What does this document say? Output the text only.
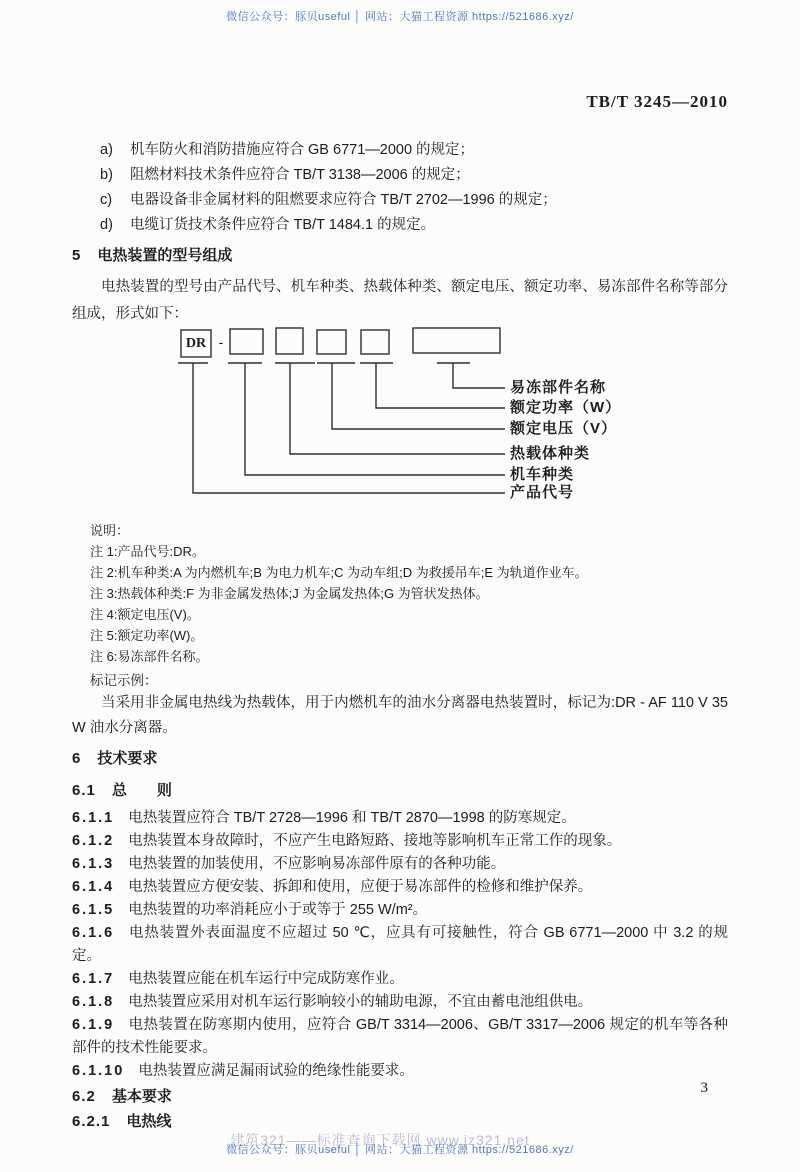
微信公众号：豚贝useful │ 网站：大猫工程资源 https://521686.xyz/

TB/T 3245—2010

a) 机车防火和消防措施应符合 GB 6771—2000 的规定；

b) 阻燃材料技术条件应符合 TB/T 3138—2006 的规定；

c) 电器设备非金属材料的阻燃要求应符合 TB/T 2702—1996 的规定；

d) 电缆订货技术条件应符合 TB/T 1484.1 的规定。

5 电热装置的型号组成

电热装置的型号由产品代号、机车种类、热载体种类、额定电压、额定功率、易冻部件名称等部分组成，形式如下：

DR -
易冻部件名称
额定功率（W）
额定电压（V）
热载体种类
机车种类
产品代号

说明：

注 1:产品代号:DR。

注 2:机车种类:A 为内燃机车;B 为电力机车;C 为动车组;D 为救援吊车;E 为轨道作业车。

注 3:热载体种类:F 为非金属发热体;J 为金属发热体;G 为管状发热体。

注 4:额定电压(V)。

注 5:额定功率(W)。

注 6:易冻部件名称。

标记示例：

当采用非金属电热线为热载体，用于内燃机车的油水分离器电热装置时，标记为:DR - AF 110 V 35 W 油水分离器。

6 技术要求

6.1 总　　则

6.1.1 电热装置应符合 TB/T 2728—1996 和 TB/T 2870—1998 的防寒规定。

6.1.2 电热装置本身故障时，不应产生电路短路、接地等影响机车正常工作的现象。

6.1.3 电热装置的加装使用，不应影响易冻部件原有的各种功能。

6.1.4 电热装置应方便安装、拆卸和使用，应便于易冻部件的检修和维护保养。

6.1.5 电热装置的功率消耗应小于或等于 255 W/m²。

6.1.6 电热装置外表面温度不应超过 50 ℃，应具有可接触性，符合 GB 6771—2000 中 3.2 的规定。

6.1.7 电热装置应能在机车运行中完成防寒作业。

6.1.8 电热装置应采用对机车运行影响较小的辅助电源，不宜由蓄电池组供电。

6.1.9 电热装置在防寒期内使用，应符合 GB/T 3314—2006、GB/T 3317—2006 规定的机车等各种部件的技术性能要求。

6.1.10 电热装置应满足漏雨试验的绝缘性能要求。

6.2 基本要求

6.2.1 电热线

3
建筑321——标准查询下载网 www.jz321.net
微信公众号：豚贝useful │ 网站：大猫工程资源 https://521686.xyz/
